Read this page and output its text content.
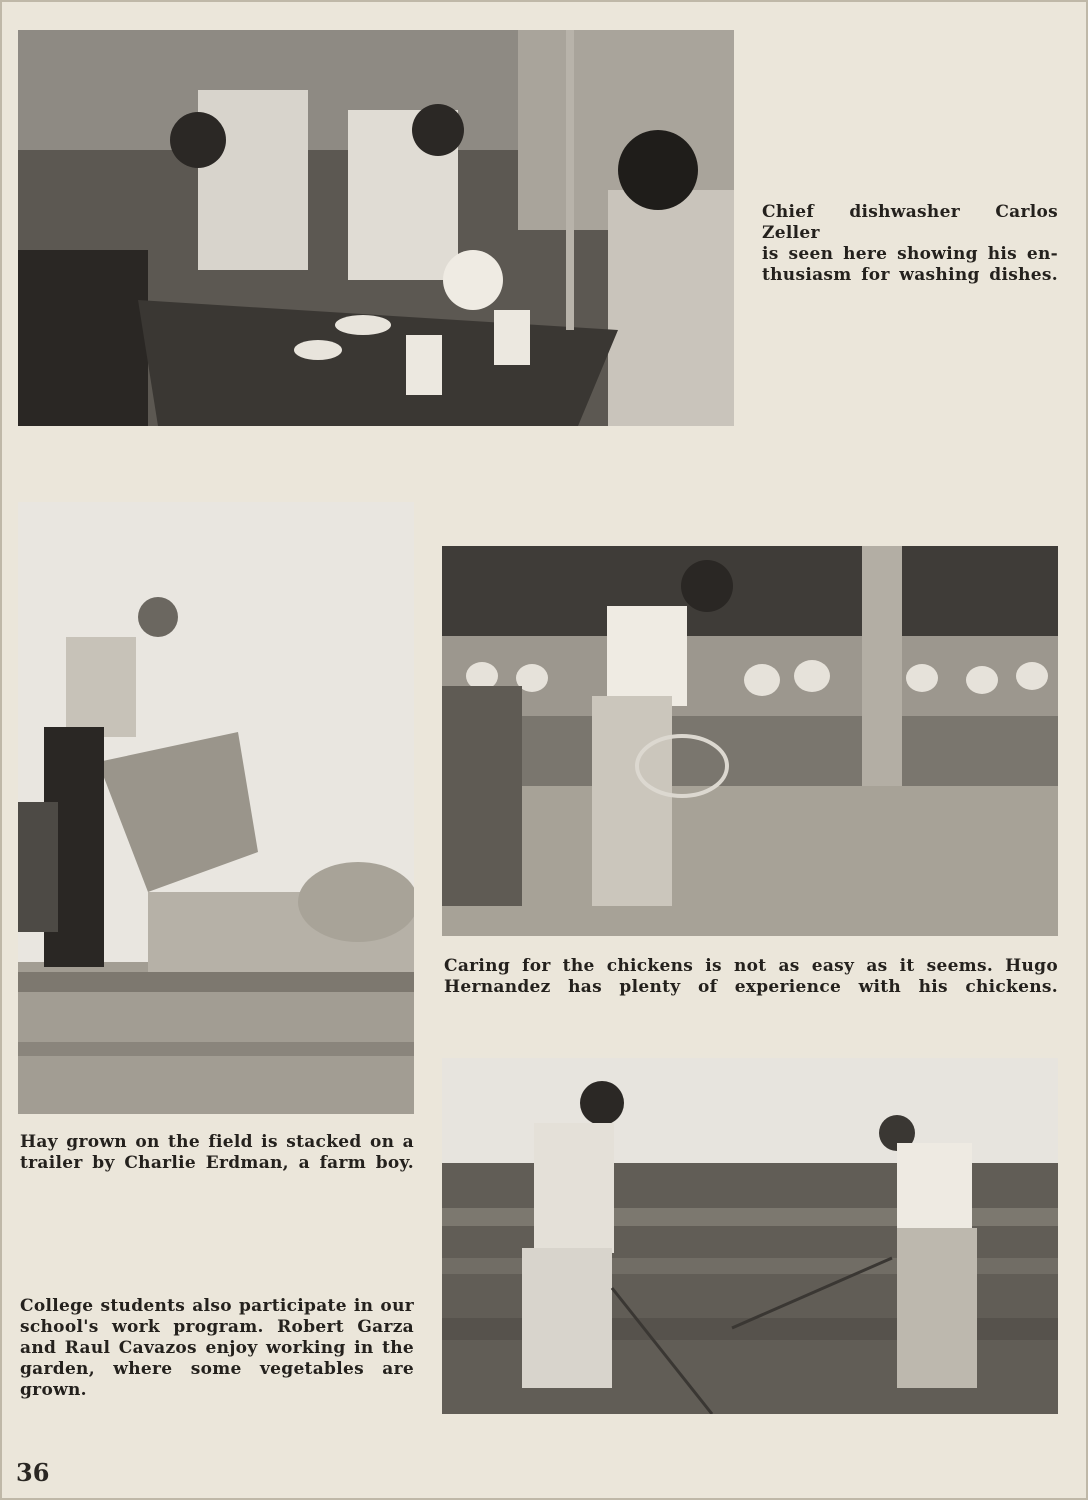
Chief dishwasher Carlos Zeller
is seen here showing his en-
thusiasm for washing dishes.
Caring for the chickens is not as easy as it seems. Hugo
Hernandez has plenty of experience with his chickens.
Hay grown on the field is stacked on a
trailer by Charlie Erdman, a farm boy.
College students also participate in our
school's work program. Robert Garza
and Raul Cavazos enjoy working in the
garden, where some vegetables are grown.
36
